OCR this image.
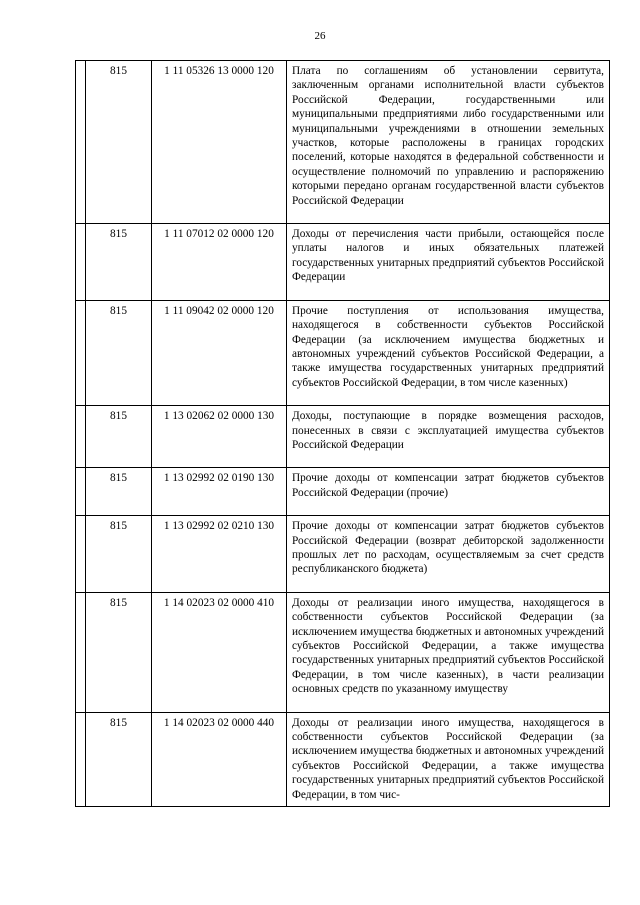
26
	815	1 11 05326 13 0000 120	Плата по соглашениям об установлении сервитута, заключенным органами исполнительной власти субъектов Российской Федерации, государственными или муниципальными предприятиями либо государственными или муниципальными учреждениями в отношении земельных участков, которые расположены в границах городских поселений, которые находятся в федеральной собственности и осуществление полномочий по управлению и распоряжению которыми передано органам государственной власти субъектов Российской Федерации
	815	1 11 07012 02 0000 120	Доходы от перечисления части прибыли, остающейся после уплаты налогов и иных обязательных платежей государственных унитарных предприятий субъектов Российской Федерации
	815	1 11 09042 02 0000 120	Прочие поступления от использования имущества, находящегося в собственности субъектов Российской Федерации (за исключением имущества бюджетных и автономных учреждений субъектов Российской Федерации, а также имущества государственных унитарных предприятий субъектов Российской Федерации, в том числе казенных)
	815	1 13 02062 02 0000 130	Доходы, поступающие в порядке возмещения расходов, понесенных в связи с эксплуатацией имущества субъектов Российской Федерации
	815	1 13 02992 02 0190 130	Прочие доходы от компенсации затрат бюджетов субъектов Российской Федерации (прочие)
	815	1 13 02992 02 0210 130	Прочие доходы от компенсации затрат бюджетов субъектов Российской Федерации (возврат дебиторской задолженности прошлых лет по расходам, осуществляемым за счет средств республиканского бюджета)
	815	1 14 02023 02 0000 410	Доходы от реализации иного имущества, находящегося в собственности субъектов Российской Федерации (за исключением имущества бюджетных и автономных учреждений субъектов Российской Федерации, а также имущества государственных унитарных предприятий субъектов Российской Федерации, в том числе казенных), в части реализации основных средств по указанному имуществу
	815	1 14 02023 02 0000 440	Доходы от реализации иного имущества, находящегося в собственности субъектов Российской Федерации (за исключением имущества бюджетных и автономных учреждений субъектов Российской Федерации, а также имущества государственных унитарных предприятий субъектов Российской Федерации, в том чис-
